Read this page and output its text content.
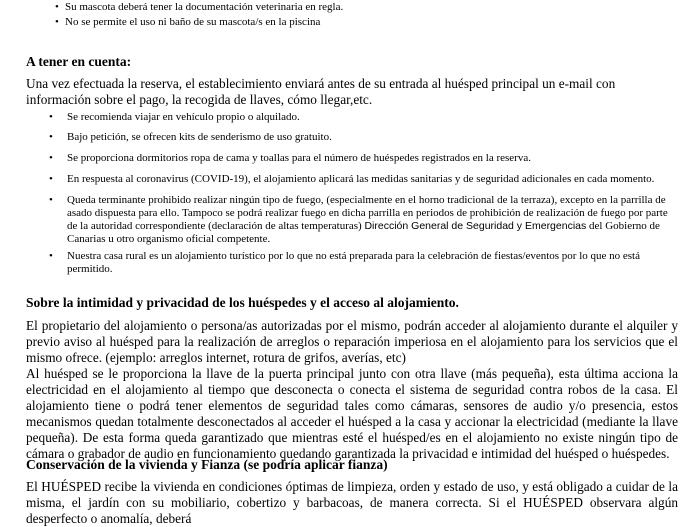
• Su mascota deberá tener la documentación veterinaria en regla.
• No se permite el uso ni baño de su mascota/s en la piscina
A tener en cuenta:

Una vez efectuada la reserva, el establecimiento enviará antes de su entrada al huésped principal un e-mail con información sobre el pago, la recogida de llaves, cómo llegar,etc.

• Se recomienda viajar en vehículo propio o alquilado.
• Bajo petición, se ofrecen kits de senderismo de uso gratuito.
• Se proporciona dormitorios ropa de cama y toallas para el número de huéspedes registrados en la reserva.
• En respuesta al coronavirus (COVID-19), el alojamiento aplicará las medidas sanitarias y de seguridad adicionales en cada momento.
• Queda terminante prohibido realizar ningún tipo de fuego, (especialmente en el horno tradicional de la terraza), excepto en la parrilla de asado dispuesta para ello. Tampoco se podrá realizar fuego en dicha parrilla en periodos de prohibición de realización de fuego por parte de la autoridad correspondiente (declaración de altas temperaturas) Dirección General de Seguridad y Emergencias del Gobierno de Canarias u otro organismo oficial competente.
• Nuestra casa rural es un alojamiento turístico por lo que no está preparada para la celebración de fiestas/eventos por lo que no está permitido.
Sobre la intimidad y privacidad de los huéspedes y el acceso al alojamiento.

El propietario del alojamiento o persona/as autorizadas por el mismo, podrán acceder al alojamiento durante el alquiler y previo aviso al huésped para la realización de arreglos o reparación imperiosa en el alojamiento para los servicios que el mismo ofrece. (ejemplo: arreglos internet, rotura de grifos, averías, etc)

Al huésped se le proporciona la llave de la puerta principal junto con otra llave (más pequeña), esta última acciona la electricidad en el alojamiento al tiempo que desconecta o conecta el sistema de seguridad contra robos de la casa. El alojamiento tiene o podrá tener elementos de seguridad tales como cámaras, sensores de audio y/o presencia, estos mecanismos quedan totalmente desconectados al acceder el huésped a la casa y accionar la electricidad (mediante la llave pequeña). De esta forma queda garantizado que mientras esté el huésped/es en el alojamiento no existe ningún tipo de cámara o grabador de audio en funcionamiento quedando garantizada la privacidad e intimidad del huésped o huéspedes.

Conservación de la vivienda y Fianza (se podría aplicar fianza)

El HUÉSPED recibe la vivienda en condiciones óptimas de limpieza, orden y estado de uso, y está obligado a cuidar de la misma, el jardín con su mobiliario, cobertizo y barbacoas, de manera correcta. Si el HUÉSPED observara algún desperfecto o anomalía, deberá
